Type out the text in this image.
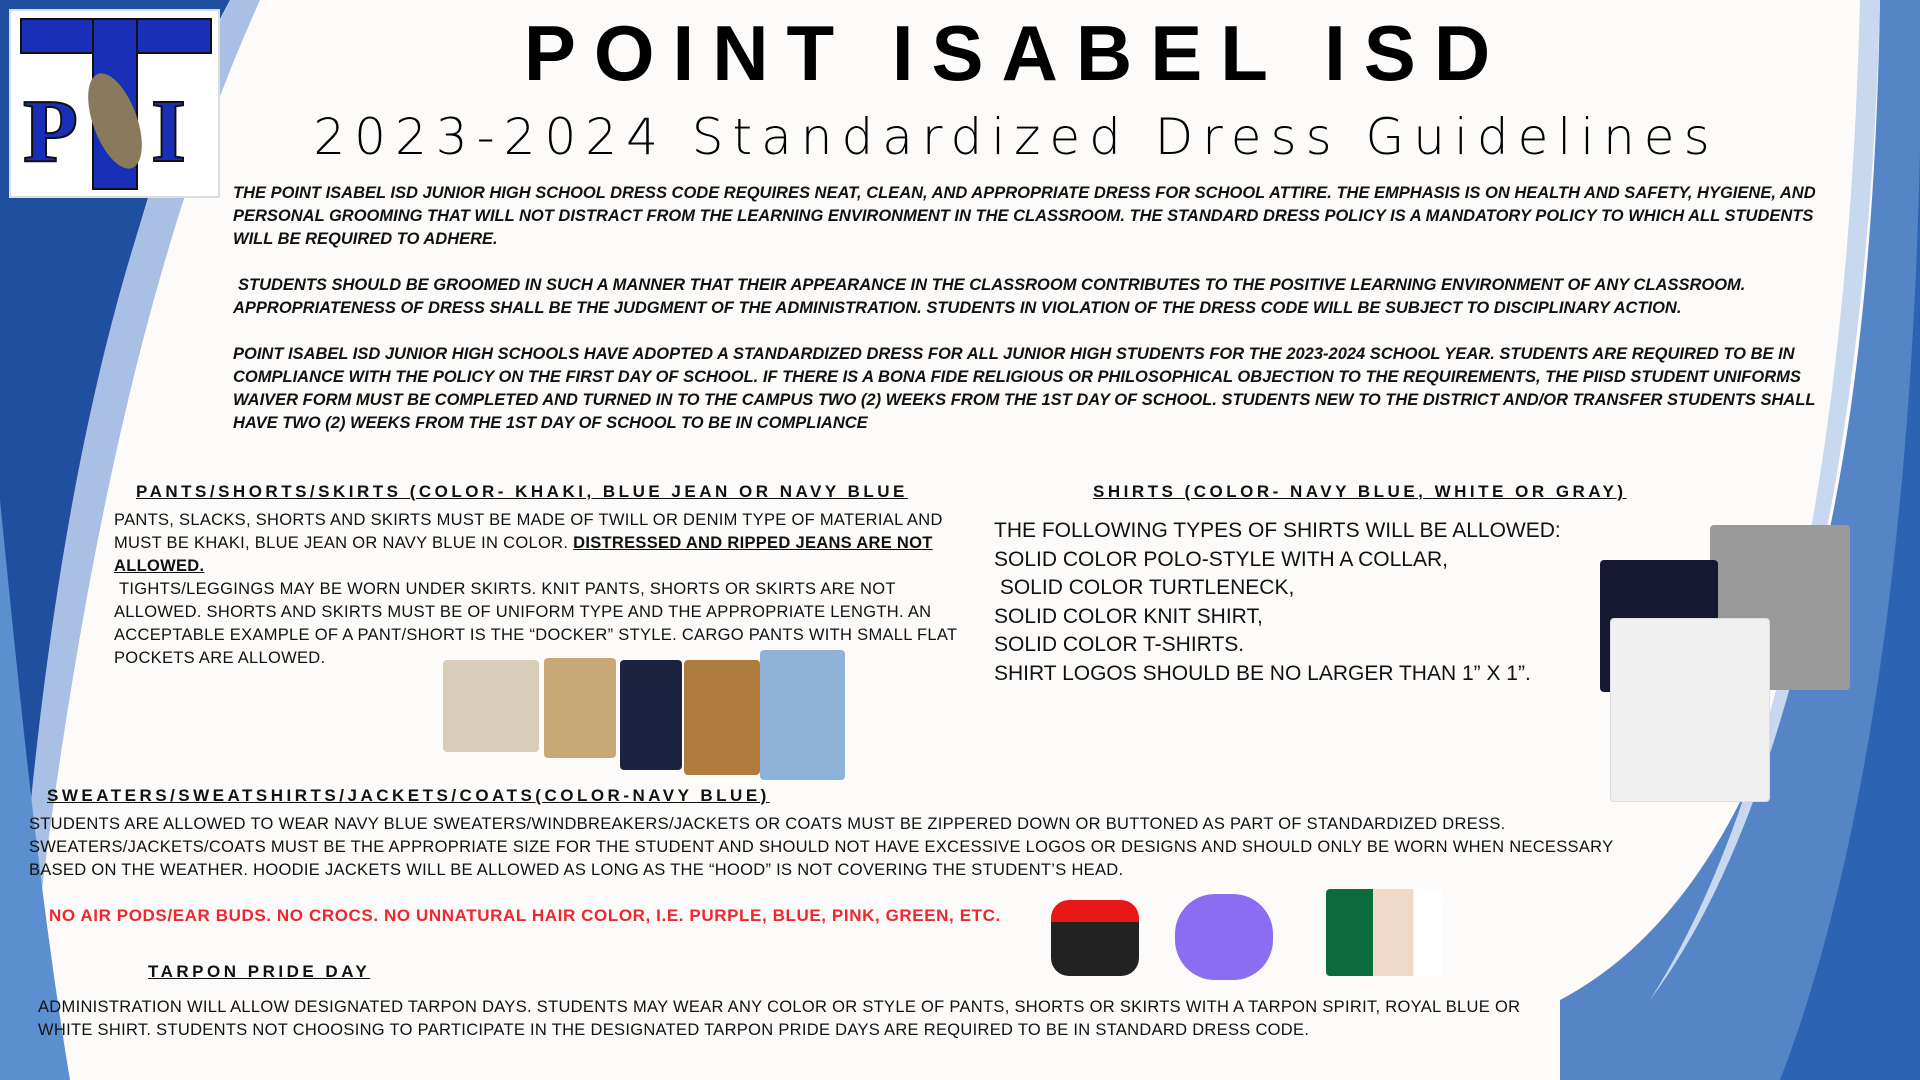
P I
POINT ISABEL ISD
2023-2024 Standardized Dress Guidelines

THE POINT ISABEL ISD JUNIOR HIGH SCHOOL DRESS CODE REQUIRES NEAT, CLEAN, AND APPROPRIATE DRESS FOR SCHOOL ATTIRE. THE EMPHASIS IS ON HEALTH AND SAFETY, HYGIENE, AND PERSONAL GROOMING THAT WILL NOT DISTRACT FROM THE LEARNING ENVIRONMENT IN THE CLASSROOM. THE STANDARD DRESS POLICY IS A MANDATORY POLICY TO WHICH ALL STUDENTS WILL BE REQUIRED TO ADHERE.

STUDENTS SHOULD BE GROOMED IN SUCH A MANNER THAT THEIR APPEARANCE IN THE CLASSROOM CONTRIBUTES TO THE POSITIVE LEARNING ENVIRONMENT OF ANY CLASSROOM. APPROPRIATENESS OF DRESS SHALL BE THE JUDGMENT OF THE ADMINISTRATION. STUDENTS IN VIOLATION OF THE DRESS CODE WILL BE SUBJECT TO DISCIPLINARY ACTION.

POINT ISABEL ISD JUNIOR HIGH SCHOOLS HAVE ADOPTED A STANDARDIZED DRESS FOR ALL JUNIOR HIGH STUDENTS FOR THE 2023-2024 SCHOOL YEAR. STUDENTS ARE REQUIRED TO BE IN COMPLIANCE WITH THE POLICY ON THE FIRST DAY OF SCHOOL. IF THERE IS A BONA FIDE RELIGIOUS OR PHILOSOPHICAL OBJECTION TO THE REQUIREMENTS, THE PIISD STUDENT UNIFORMS WAIVER FORM MUST BE COMPLETED AND TURNED IN TO THE CAMPUS TWO (2) WEEKS FROM THE 1ST DAY OF SCHOOL. STUDENTS NEW TO THE DISTRICT AND/OR TRANSFER STUDENTS SHALL HAVE TWO (2) WEEKS FROM THE 1ST DAY OF SCHOOL TO BE IN COMPLIANCE

PANTS/SHORTS/SKIRTS (COLOR- KHAKI, BLUE JEAN OR NAVY BLUE
PANTS, SLACKS, SHORTS AND SKIRTS MUST BE MADE OF TWILL OR DENIM TYPE OF MATERIAL AND MUST BE KHAKI, BLUE JEAN OR NAVY BLUE IN COLOR. DISTRESSED AND RIPPED JEANS ARE NOT ALLOWED.
TIGHTS/LEGGINGS MAY BE WORN UNDER SKIRTS. KNIT PANTS, SHORTS OR SKIRTS ARE NOT ALLOWED. SHORTS AND SKIRTS MUST BE OF UNIFORM TYPE AND THE APPROPRIATE LENGTH. AN ACCEPTABLE EXAMPLE OF A PANT/SHORT IS THE “DOCKER” STYLE. CARGO PANTS WITH SMALL FLAT POCKETS ARE ALLOWED.
SHIRTS (COLOR- NAVY BLUE, WHITE OR GRAY)
THE FOLLOWING TYPES OF SHIRTS WILL BE ALLOWED:
SOLID COLOR POLO-STYLE WITH A COLLAR,
SOLID COLOR TURTLENECK,
SOLID COLOR KNIT SHIRT,
SOLID COLOR T-SHIRTS.
SHIRT LOGOS SHOULD BE NO LARGER THAN 1” X 1”.
SWEATERS/SWEATSHIRTS/JACKETS/COATS(COLOR-NAVY BLUE)
STUDENTS ARE ALLOWED TO WEAR NAVY BLUE SWEATERS/WINDBREAKERS/JACKETS OR COATS MUST BE ZIPPERED DOWN OR BUTTONED AS PART OF STANDARDIZED DRESS. SWEATERS/JACKETS/COATS MUST BE THE APPROPRIATE SIZE FOR THE STUDENT AND SHOULD NOT HAVE EXCESSIVE LOGOS OR DESIGNS AND SHOULD ONLY BE WORN WHEN NECESSARY BASED ON THE WEATHER. HOODIE JACKETS WILL BE ALLOWED AS LONG AS THE “HOOD” IS NOT COVERING THE STUDENT’S HEAD.
NO AIR PODS/EAR BUDS. NO CROCS. NO UNNATURAL HAIR COLOR, I.E. PURPLE, BLUE, PINK, GREEN, ETC.
TARPON PRIDE DAY
ADMINISTRATION WILL ALLOW DESIGNATED TARPON DAYS. STUDENTS MAY WEAR ANY COLOR OR STYLE OF PANTS, SHORTS OR SKIRTS WITH A TARPON SPIRIT, ROYAL BLUE OR WHITE SHIRT. STUDENTS NOT CHOOSING TO PARTICIPATE IN THE DESIGNATED TARPON PRIDE DAYS ARE REQUIRED TO BE IN STANDARD DRESS CODE.
